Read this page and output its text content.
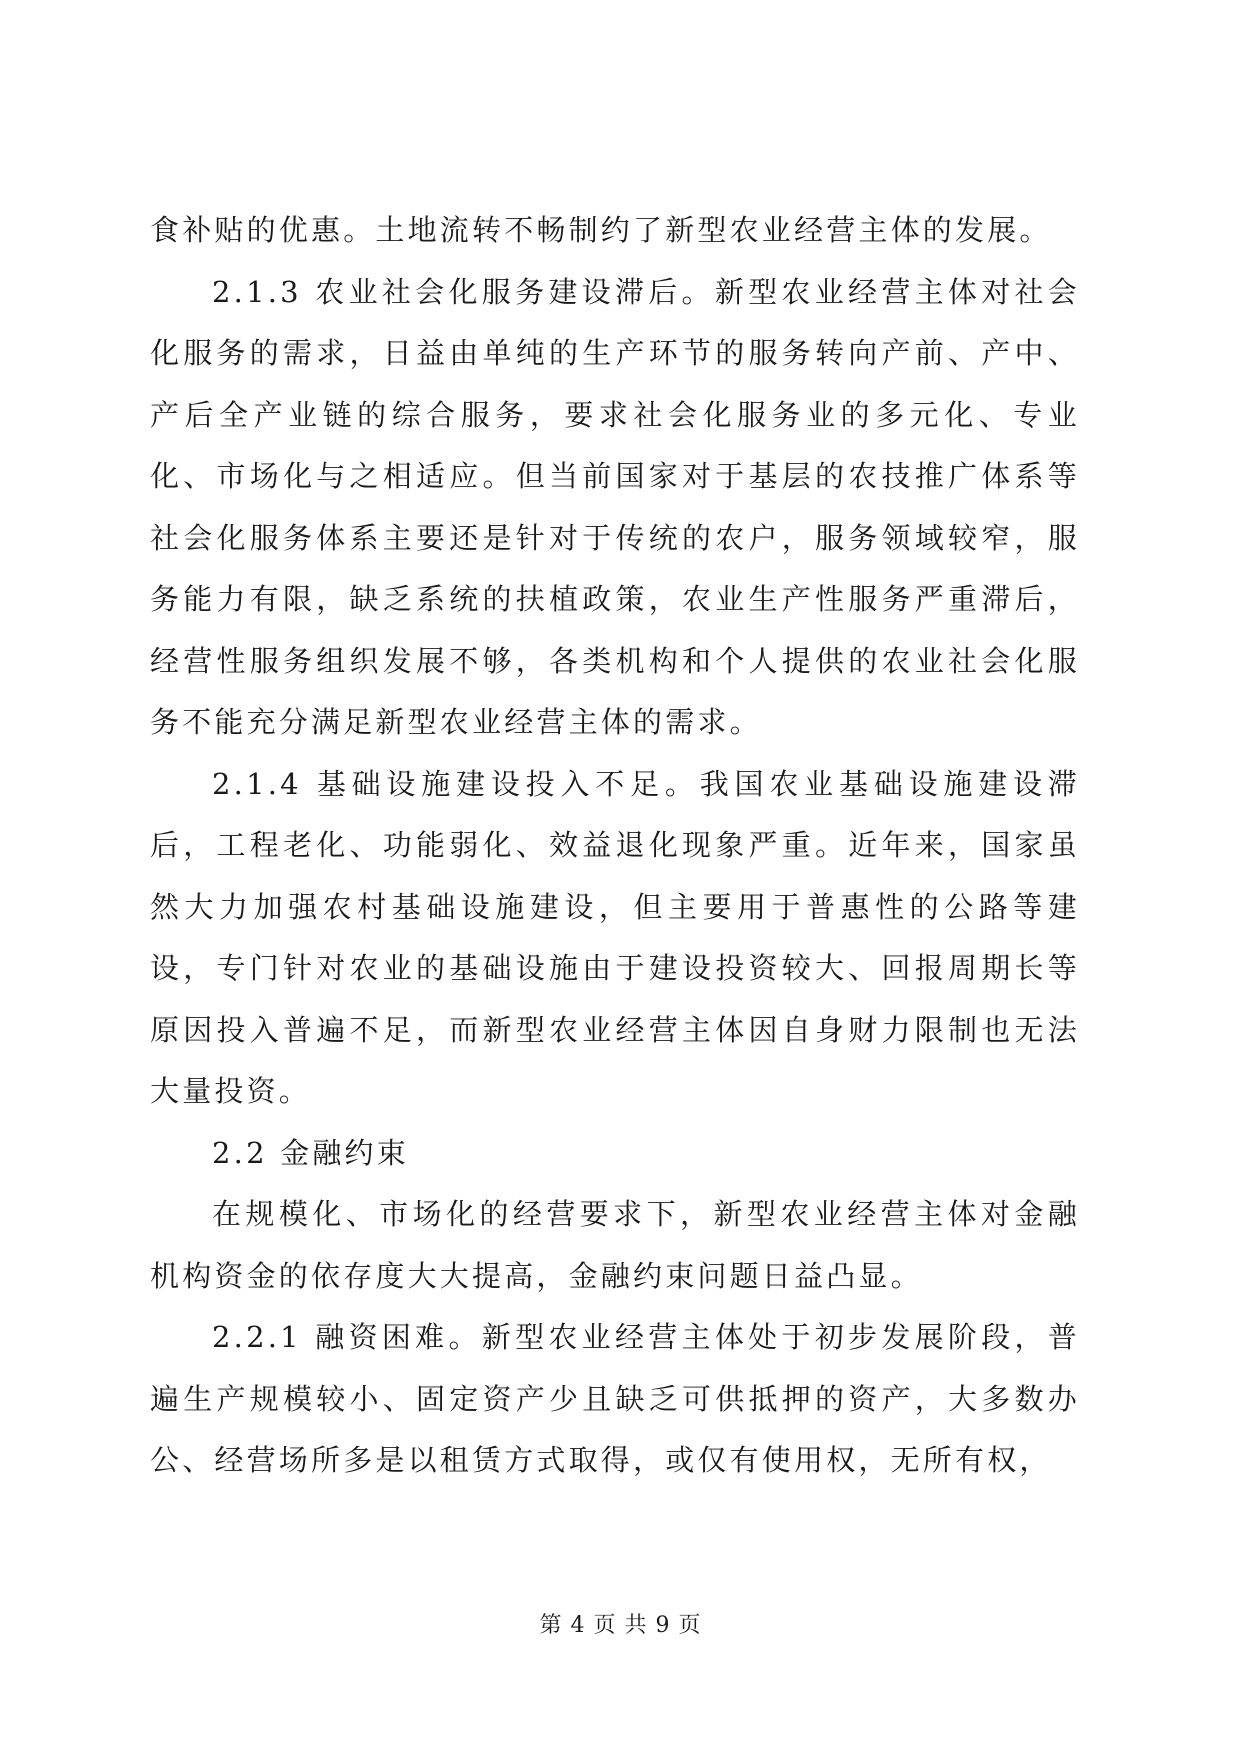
食补贴的优惠。土地流转不畅制约了新型农业经营主体的发展。

2.1.3 农业社会化服务建设滞后。新型农业经营主体对社会化服务的需求，日益由单纯的生产环节的服务转向产前、产中、产后全产业链的综合服务，要求社会化服务业的多元化、专业化、市场化与之相适应。但当前国家对于基层的农技推广体系等社会化服务体系主要还是针对于传统的农户，服务领域较窄，服务能力有限，缺乏系统的扶植政策，农业生产性服务严重滞后，经营性服务组织发展不够，各类机构和个人提供的农业社会化服务不能充分满足新型农业经营主体的需求。

2.1.4 基础设施建设投入不足。我国农业基础设施建设滞后，工程老化、功能弱化、效益退化现象严重。近年来，国家虽然大力加强农村基础设施建设，但主要用于普惠性的公路等建设，专门针对农业的基础设施由于建设投资较大、回报周期长等原因投入普遍不足，而新型农业经营主体因自身财力限制也无法大量投资。

2.2 金融约束

在规模化、市场化的经营要求下，新型农业经营主体对金融机构资金的依存度大大提高，金融约束问题日益凸显。

2.2.1 融资困难。新型农业经营主体处于初步发展阶段，普遍生产规模较小、固定资产少且缺乏可供抵押的资产，大多数办公、经营场所多是以租赁方式取得，或仅有使用权，无所有权，

第 4 页 共 9 页
